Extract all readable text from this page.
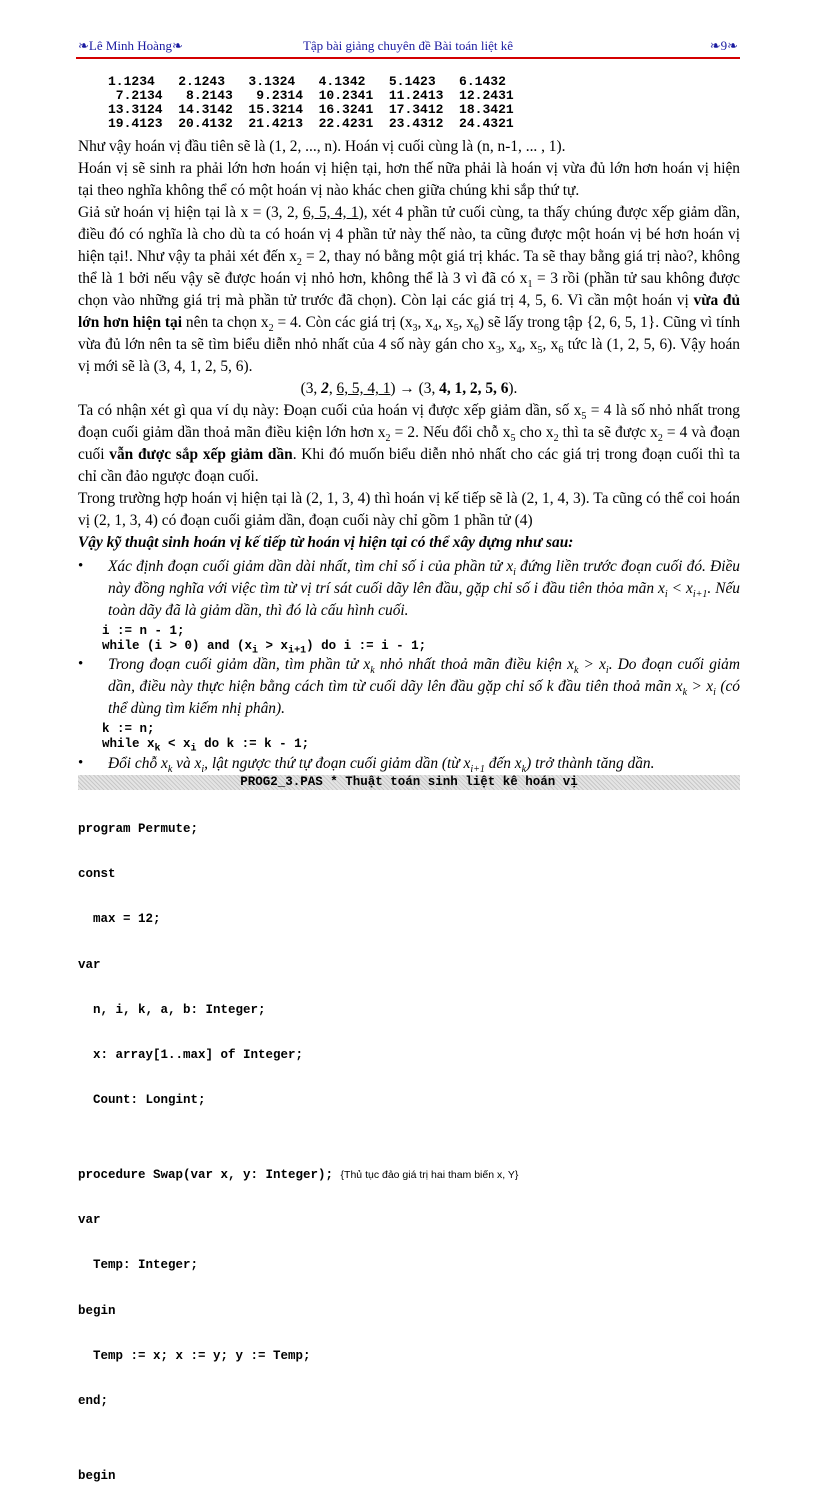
❧Lê Minh Hoàng❧	Tập bài giảng chuyên đề Bài toán liệt kê	❧9❧
1.1234   2.1243   3.1324   4.1342   5.1423   6.1432
7.2134   8.2143   9.2314  10.2341  11.2413  12.2431
13.3124  14.3142  15.3214  16.3241  17.3412  18.3421
19.4123  20.4132  21.4213  22.4231  23.4312  24.4321
Như vậy hoán vị đầu tiên sẽ là (1, 2, ..., n). Hoán vị cuối cùng là (n, n-1, ... , 1).
Hoán vị sẽ sinh ra phải lớn hơn hoán vị hiện tại, hơn thế nữa phải là hoán vị vừa đủ lớn hơn hoán vị hiện tại theo nghĩa không thể có một hoán vị nào khác chen giữa chúng khi sắp thứ tự.
Giả sử hoán vị hiện tại là x = (3, 2, 6, 5, 4, 1), xét 4 phần tử cuối cùng, ta thấy chúng được xếp giảm dần, điều đó có nghĩa là cho dù ta có hoán vị 4 phần tử này thế nào, ta cũng được một hoán vị bé hơn hoán vị hiện tại!. Như vậy ta phải xét đến $x_2 = 2$, thay nó bằng một giá trị khác. Ta sẽ thay bằng giá trị nào?, không thể là 1 bởi nếu vậy sẽ được hoán vị nhỏ hơn, không thể là 3 vì đã có $x_1 = 3$ rồi (phần tử sau không được chọn vào những giá trị mà phần tử trước đã chọn). Còn lại các giá trị 4, 5, 6. Vì cần một hoán vị vừa đủ lớn hơn hiện tại nên ta chọn $x_2 = 4$. Còn các giá trị ($x_3$, $x_4$, $x_5$, $x_6$) sẽ lấy trong tập {2, 6, 5, 1}. Cũng vì tính vừa đủ lớn nên ta sẽ tìm biểu diễn nhỏ nhất của 4 số này gán cho $x_3$, $x_4$, $x_5$, $x_6$ tức là (1, 2, 5, 6). Vậy hoán vị mới sẽ là (3, 4, 1, 2, 5, 6).
(3, 2, 6, 5, 4, 1) → (3, 4, 1, 2, 5, 6).
Ta có nhận xét gì qua ví dụ này: Đoạn cuối của hoán vị được xếp giảm dần, số $x_5 = 4$ là số nhỏ nhất trong đoạn cuối giảm dần thoả mãn điều kiện lớn hơn $x_2 = 2$. Nếu đổi chỗ $x_5$ cho $x_2$ thì ta sẽ được $x_2 = 4$ và đoạn cuối vẫn được sắp xếp giảm dần. Khi đó muốn biểu diễn nhỏ nhất cho các giá trị trong đoạn cuối thì ta chỉ cần đảo ngược đoạn cuối.
Trong trường hợp hoán vị hiện tại là (2, 1, 3, 4) thì hoán vị kế tiếp sẽ là (2, 1, 4, 3). Ta cũng có thể coi hoán vị (2, 1, 3, 4) có đoạn cuối giảm dần, đoạn cuối này chỉ gồm 1 phần tử (4)
Vậy kỹ thuật sinh hoán vị kế tiếp từ hoán vị hiện tại có thể xây dựng như sau:
• Xác định đoạn cuối giảm dần dài nhất, tìm chỉ số i của phần tử $x_i$ đứng liền trước đoạn cuối đó. Điều này đồng nghĩa với việc tìm từ vị trí sát cuối dãy lên đầu, gặp chỉ số i đầu tiên thỏa mãn $x_i < x_{i+1}$. Nếu toàn dãy đã là giảm dần, thì đó là cấu hình cuối.
i := n - 1;
while (i > 0) and $(x_i > x_{i+1})$ do i := i - 1;
• Trong đoạn cuối giảm dần, tìm phần tử $x_k$ nhỏ nhất thoả mãn điều kiện $x_k > x_i$. Do đoạn cuối giảm dần, điều này thực hiện bằng cách tìm từ cuối dãy lên đầu gặp chỉ số k đầu tiên thoả mãn $x_k > x_i$ (có thể dùng tìm kiếm nhị phân).
k := n;
while $x_k < x_i$ do k := k - 1;
• Đổi chỗ $x_k$ và $x_i$, lật ngược thứ tự đoạn cuối giảm dần (từ $x_{i+1}$ đến $x_k$) trở thành tăng dần.
PROG2_3.PAS * Thuật toán sinh liệt kê hoán vị

program Permute;

const

max = 12;

var

n, i, k, a, b: Integer;

x: array[1..max] of Integer;

Count: Longint;

procedure Swap(var x, y: Integer); {Thủ tục đảo giá trị hai tham biến x, Y}

var

Temp: Integer;

begin

Temp := x; x := y; y := Temp;

end;

begin
